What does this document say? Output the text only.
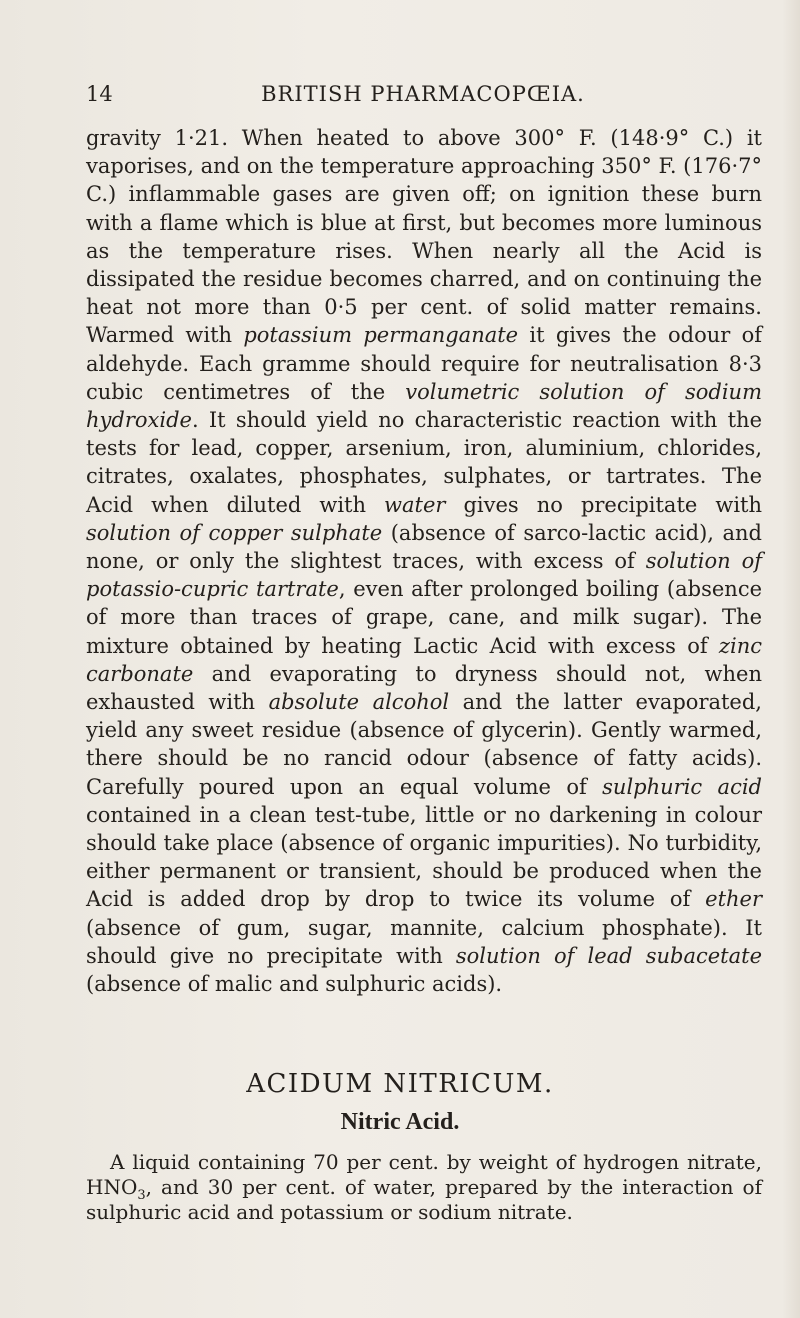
14	BRITISH PHARMACOPŒIA.

gravity 1·21. When heated to above 300° F. (148·9° C.) it vaporises, and on the temperature approaching 350° F. (176·7° C.) inflammable gases are given off; on ignition these burn with a flame which is blue at first, but becomes more luminous as the temperature rises. When nearly all the Acid is dissipated the residue becomes charred, and on continuing the heat not more than 0·5 per cent. of solid matter remains. Warmed with potassium permanganate it gives the odour of aldehyde. Each gramme should require for neutralisation 8·3 cubic centimetres of the volumetric solution of sodium hydroxide. It should yield no characteristic reaction with the tests for lead, copper, arsenium, iron, aluminium, chlorides, citrates, oxalates, phosphates, sulphates, or tartrates. The Acid when diluted with water gives no precipitate with solution of copper sulphate (absence of sarco-lactic acid), and none, or only the slightest traces, with excess of solution of potassio-cupric tartrate, even after prolonged boiling (absence of more than traces of grape, cane, and milk sugar). The mixture obtained by heating Lactic Acid with excess of zinc carbonate and evaporating to dryness should not, when exhausted with absolute alcohol and the latter evaporated, yield any sweet residue (absence of glycerin). Gently warmed, there should be no rancid odour (absence of fatty acids). Carefully poured upon an equal volume of sulphuric acid contained in a clean test-tube, little or no darkening in colour should take place (absence of organic impurities). No turbidity, either permanent or transient, should be produced when the Acid is added drop by drop to twice its volume of ether (absence of gum, sugar, mannite, calcium phosphate). It should give no precipitate with solution of lead subacetate (absence of malic and sulphuric acids).

ACIDUM NITRICUM.
Nitric Acid.
A liquid containing 70 per cent. by weight of hydrogen nitrate, $HNO_3$, and 30 per cent. of water, prepared by the interaction of sulphuric acid and potassium or sodium nitrate.
